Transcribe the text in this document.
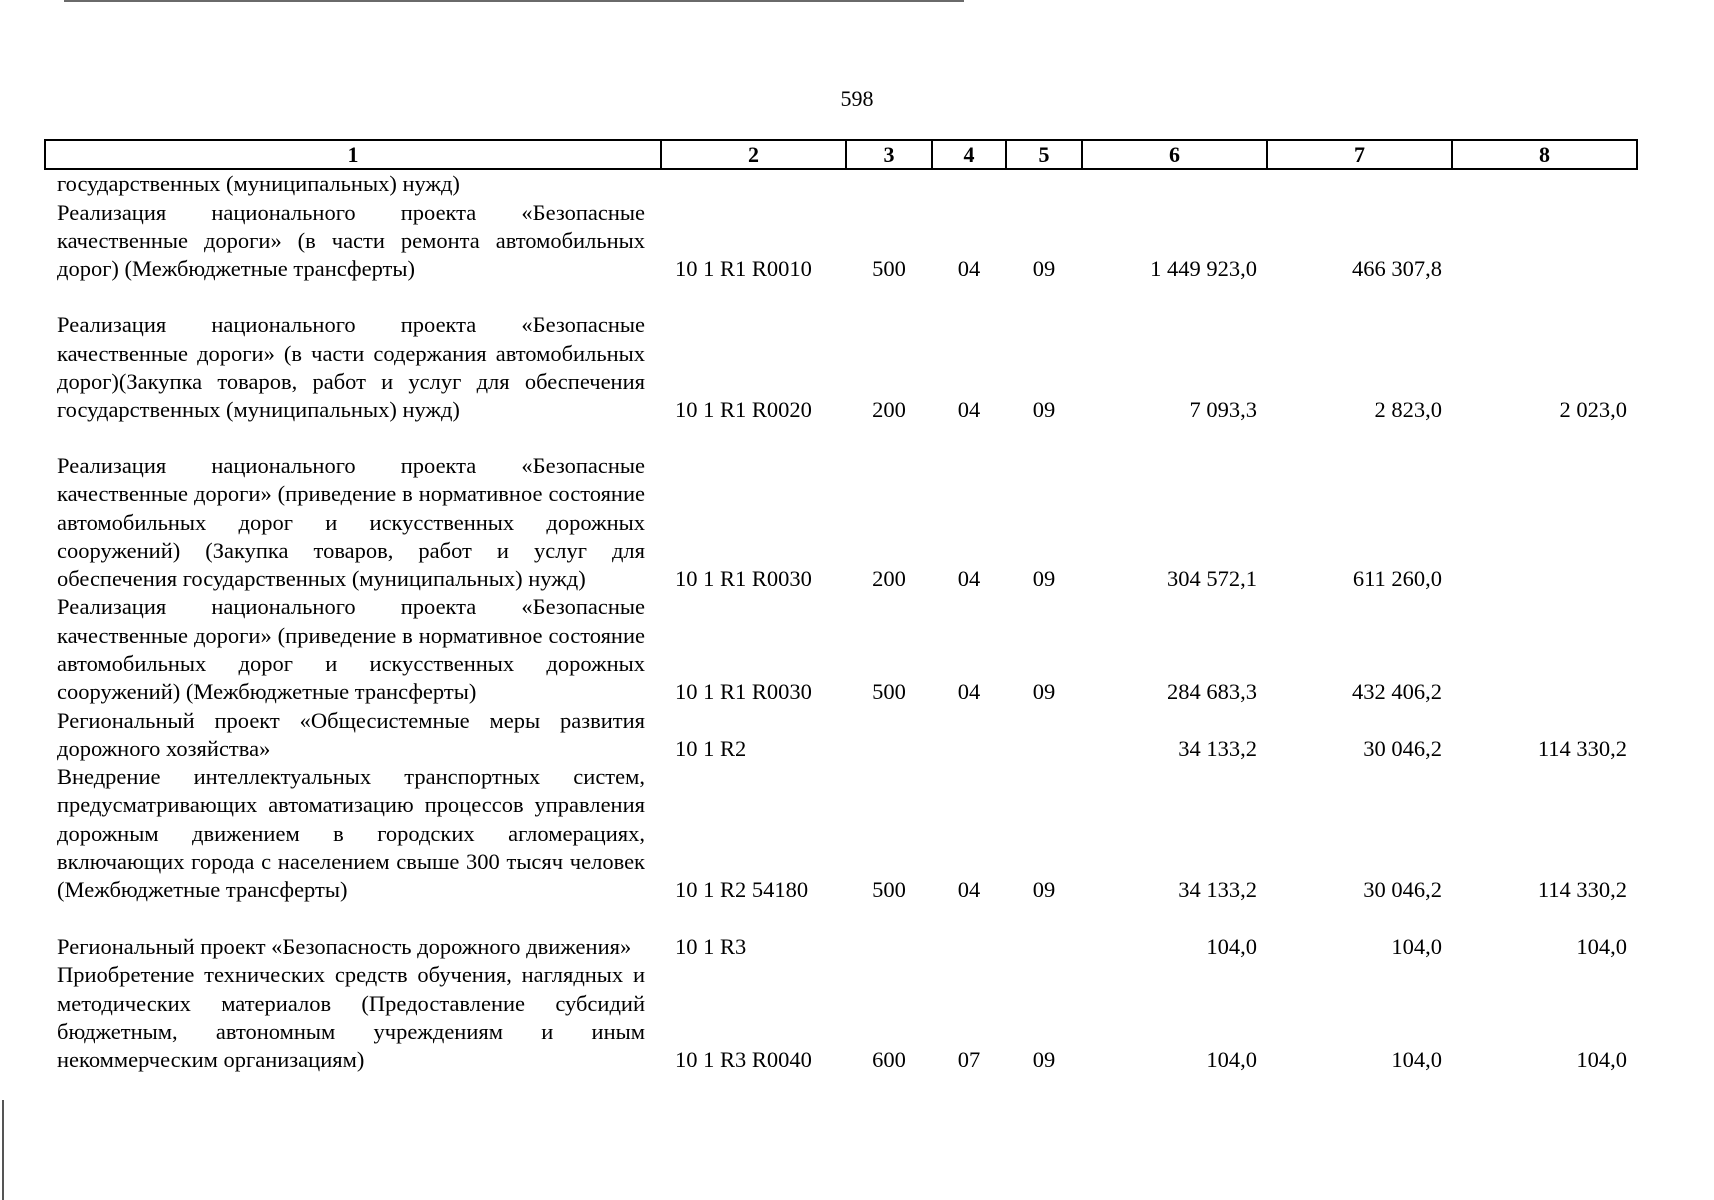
598
1	2	3	4	5	6	7	8
государственных (муниципальных) нужд)							
Реализация национального проекта «Безопасные качественные дороги» (в части ремонта автомобильных дорог) (Межбюджетные трансферты)	10 1 R1 R0010	500	04	09	1 449 923,0	466 307,8	
Реализация национального проекта «Безопасные качественные дороги» (в части содержания автомобильных дорог)(Закупка товаров, работ и услуг для обеспечения государственных (муниципальных) нужд)	10 1 R1 R0020	200	04	09	7 093,3	2 823,0	2 023,0
Реализация национального проекта «Безопасные качественные дороги» (приведение в нормативное состояние автомобильных дорог и искусственных дорожных сооружений) (Закупка товаров, работ и услуг для обеспечения государственных (муниципальных) нужд)	10 1 R1 R0030	200	04	09	304 572,1	611 260,0	
Реализация национального проекта «Безопасные качественные дороги» (приведение в нормативное состояние автомобильных дорог и искусственных дорожных сооружений) (Межбюджетные трансферты)	10 1 R1 R0030	500	04	09	284 683,3	432 406,2	
Региональный проект «Общесистемные меры развития дорожного хозяйства»	10 1 R2				34 133,2	30 046,2	114 330,2
Внедрение интеллектуальных транспортных систем, предусматривающих автоматизацию процессов управления дорожным движением в городских агломерациях, включающих города с населением свыше 300 тысяч человек (Межбюджетные трансферты)	10 1 R2 54180	500	04	09	34 133,2	30 046,2	114 330,2
Региональный проект «Безопасность дорожного движения»	10 1 R3				104,0	104,0	104,0
Приобретение технических средств обучения, наглядных и методических материалов (Предоставление субсидий бюджетным, автономным учреждениям и иным некоммерческим организациям)	10 1 R3 R0040	600	07	09	104,0	104,0	104,0
